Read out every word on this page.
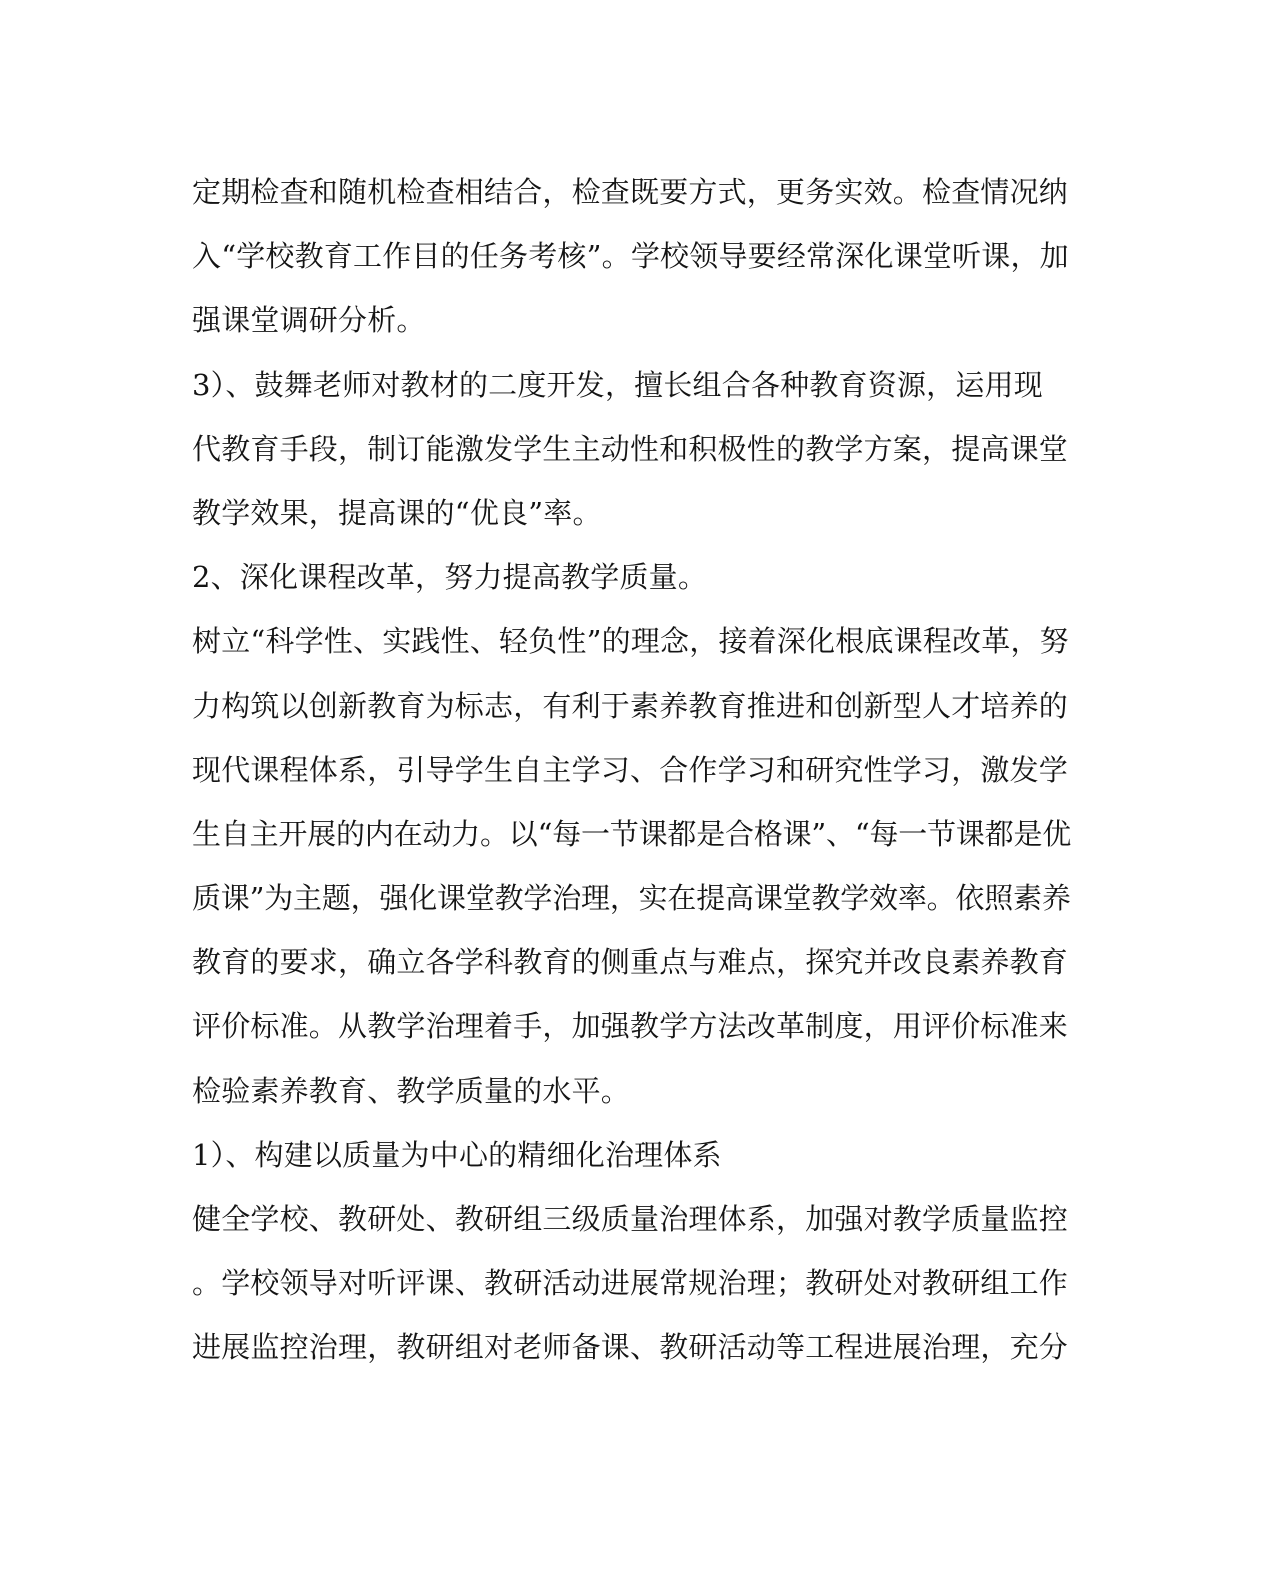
定期检查和随机检查相结合，检查既要方式，更务实效。检查情况纳
入“学校教育工作目的任务考核”。学校领导要经常深化课堂听课，加
强课堂调研分析。
3）、鼓舞老师对教材的二度开发，擅长组合各种教育资源，运用现
代教育手段，制订能激发学生主动性和积极性的教学方案，提高课堂
教学效果，提高课的“优良”率。
2、深化课程改革，努力提高教学质量。
树立“科学性、实践性、轻负性”的理念，接着深化根底课程改革，努
力构筑以创新教育为标志，有利于素养教育推进和创新型人才培养的
现代课程体系，引导学生自主学习、合作学习和研究性学习，激发学
生自主开展的内在动力。以“每一节课都是合格课”、“每一节课都是优
质课”为主题，强化课堂教学治理，实在提高课堂教学效率。依照素养
教育的要求，确立各学科教育的侧重点与难点，探究并改良素养教育
评价标准。从教学治理着手，加强教学方法改革制度，用评价标准来
检验素养教育、教学质量的水平。
1）、构建以质量为中心的精细化治理体系
健全学校、教研处、教研组三级质量治理体系，加强对教学质量监控
。学校领导对听评课、教研活动进展常规治理；教研处对教研组工作
进展监控治理，教研组对老师备课、教研活动等工程进展治理，充分
